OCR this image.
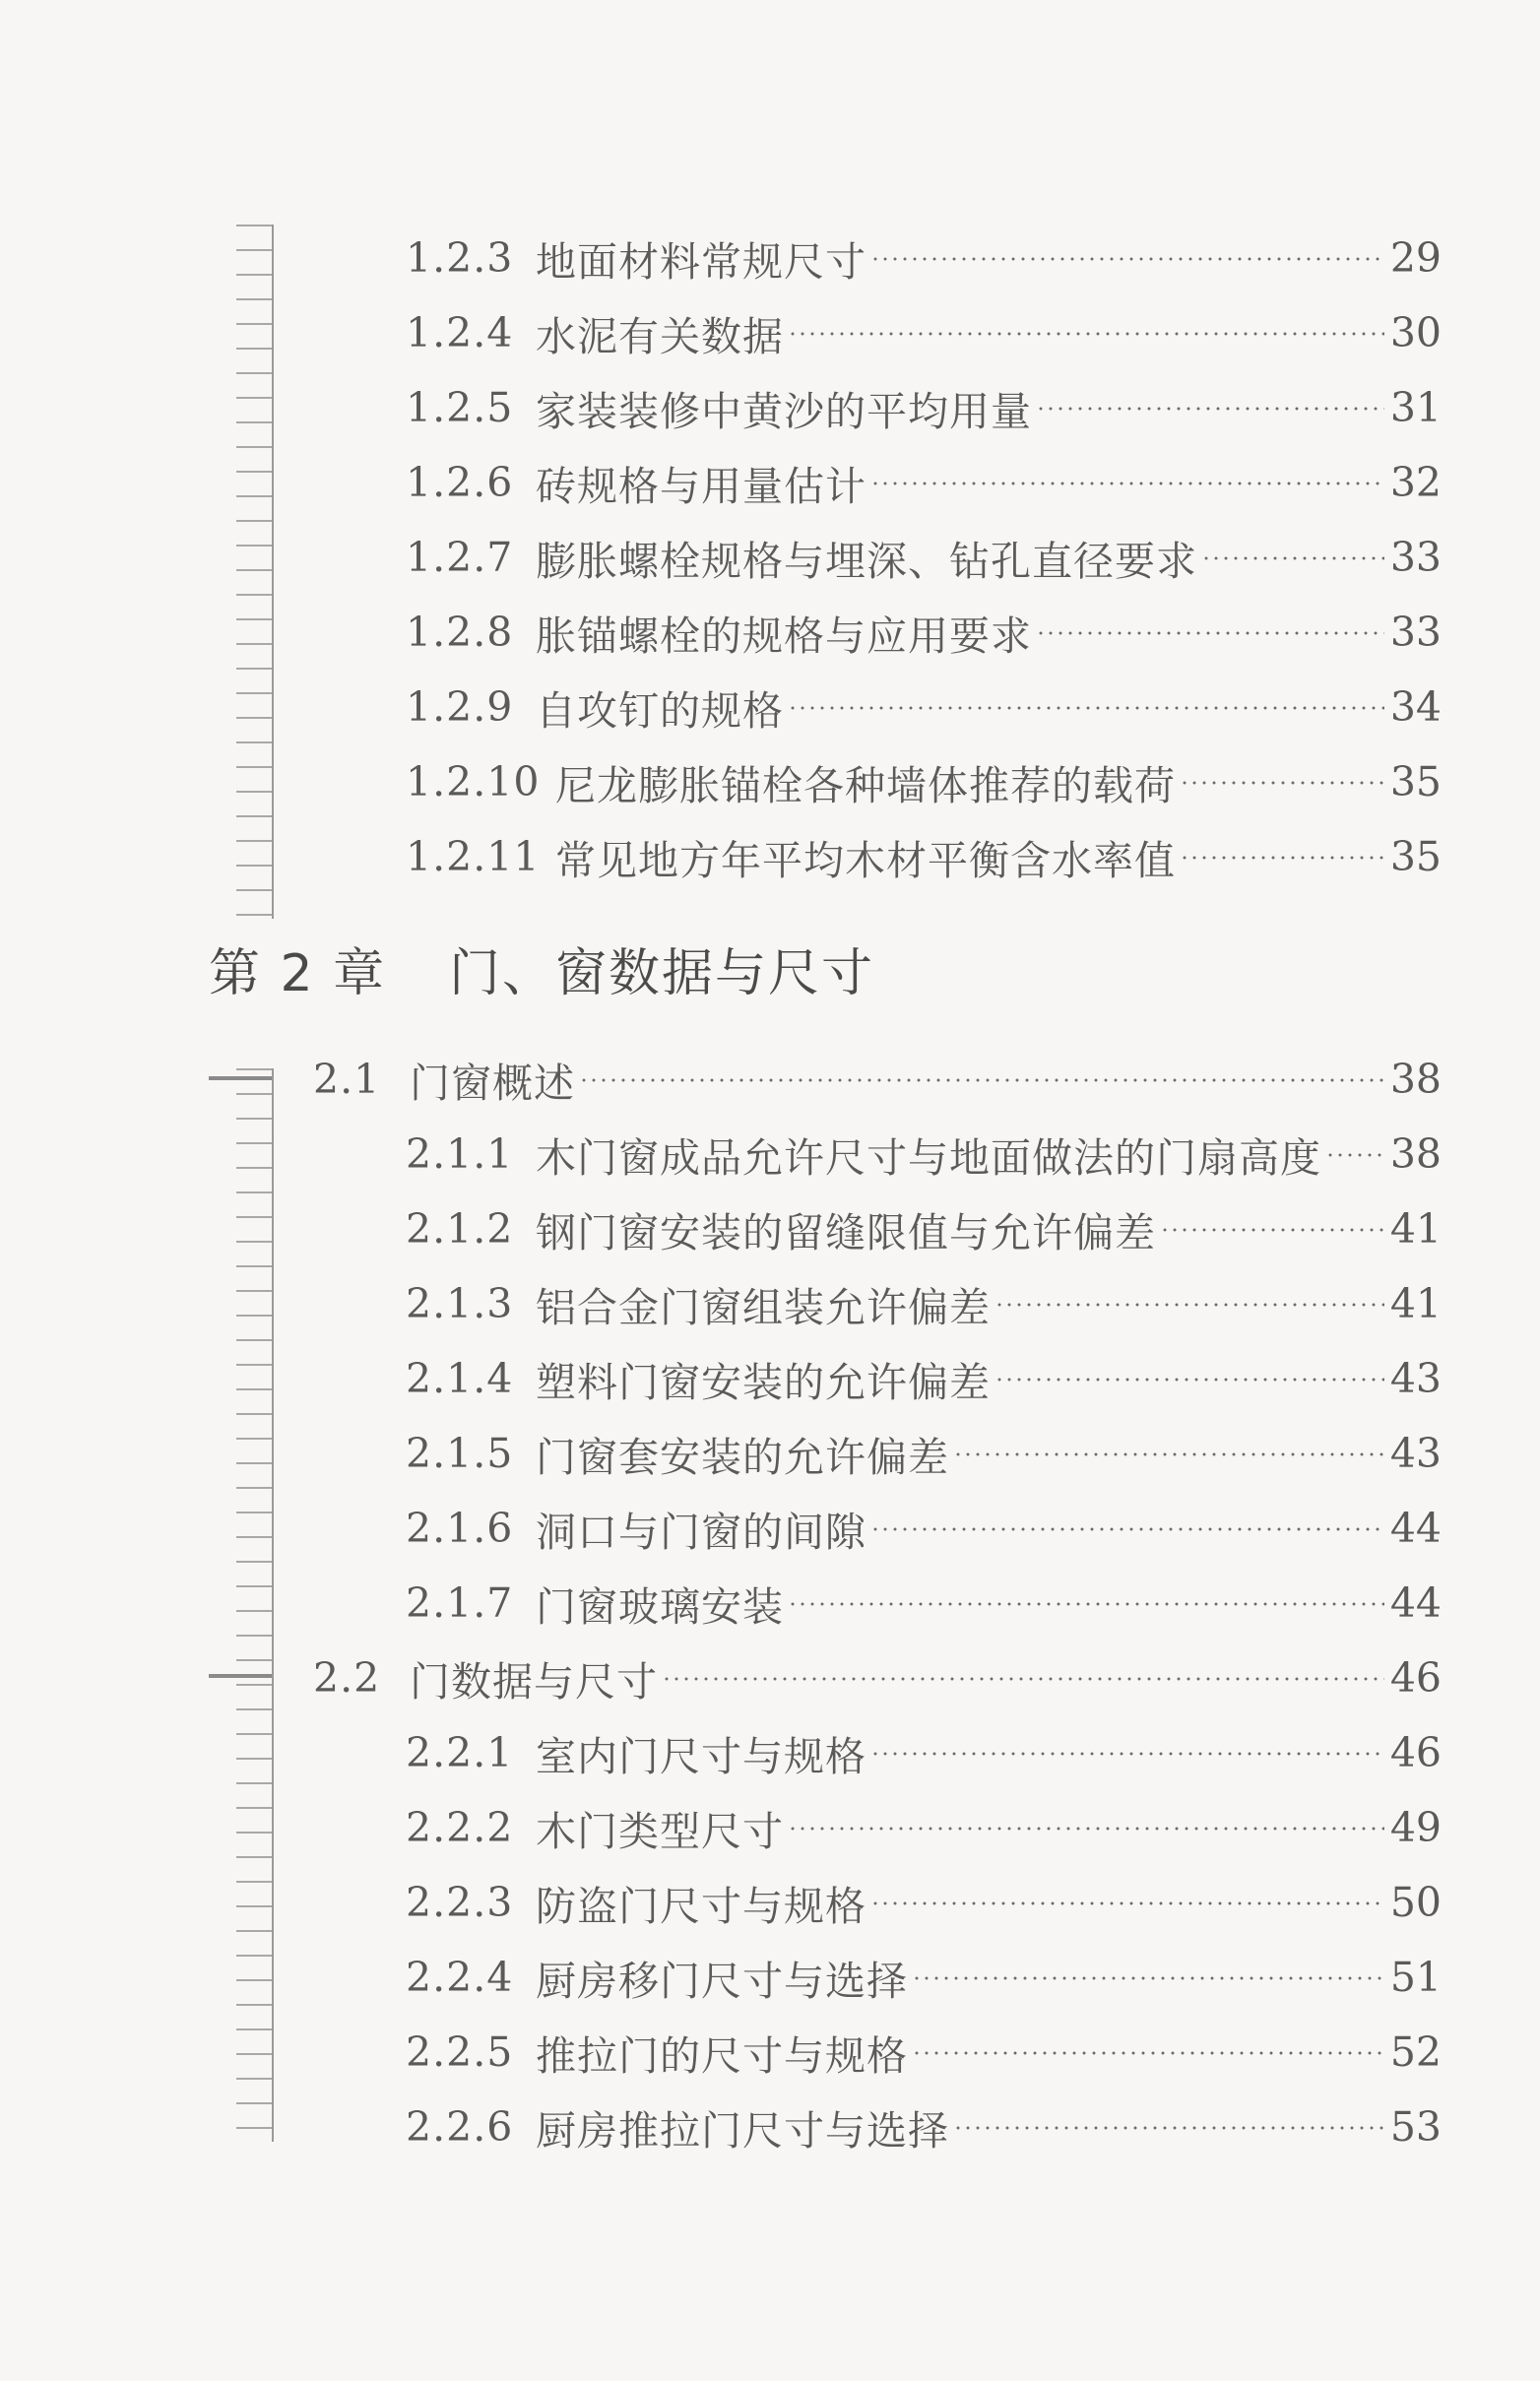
1.2.3 地面材料常规尺寸	29
1.2.4 水泥有关数据	30
1.2.5 家装装修中黄沙的平均用量	31
1.2.6 砖规格与用量估计	32
1.2.7 膨胀螺栓规格与埋深、钻孔直径要求	33
1.2.8 胀锚螺栓的规格与应用要求	33
1.2.9 自攻钉的规格	34
1.2.10 尼龙膨胀锚栓各种墙体推荐的载荷	35
1.2.11 常见地方年平均木材平衡含水率值	35
第 2 章	门、窗数据与尺寸
2.1 门窗概述	38
2.1.1 木门窗成品允许尺寸与地面做法的门扇高度 38
2.1.2 钢门窗安装的留缝限值与允许偏差	41
2.1.3 铝合金门窗组装允许偏差	41
2.1.4 塑料门窗安装的允许偏差	43
2.1.5 门窗套安装的允许偏差	43
2.1.6 洞口与门窗的间隙	44
2.1.7 门窗玻璃安装	44
2.2 门数据与尺寸	46
2.2.1 室内门尺寸与规格	46
2.2.2 木门类型尺寸	49
2.2.3 防盗门尺寸与规格	50
2.2.4 厨房移门尺寸与选择	51
2.2.5 推拉门的尺寸与规格	52
2.2.6 厨房推拉门尺寸与选择	53
